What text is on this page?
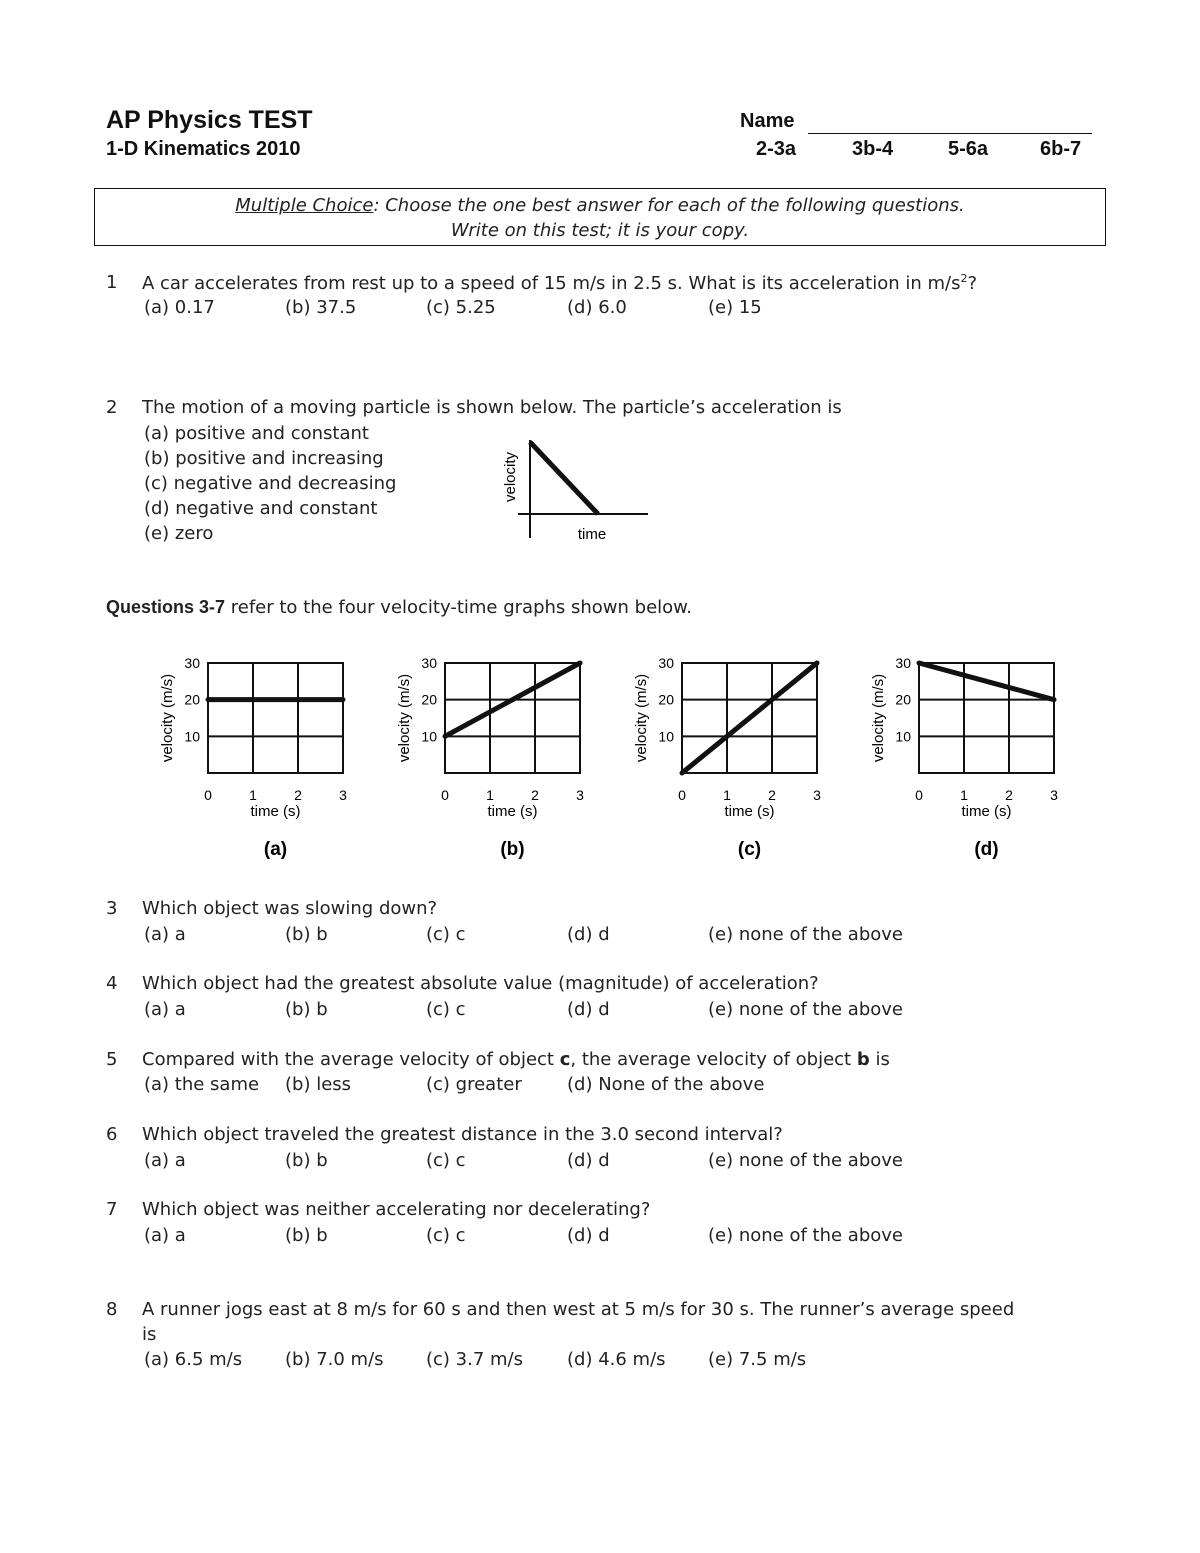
AP Physics TEST
1-D Kinematics 2010
Name
2-3a	3b-4	5-6a	6b-7
Multiple Choice: Choose the one best answer for each of the following questions.
Write on this test; it is your copy.
1 A car accelerates from rest up to a speed of 15 m/s in 2.5 s. What is its acceleration in $m/s^2$?
(a) 0.17	(b) 37.5	(c) 5.25	(d) 6.0	(e) 15
2 The motion of a moving particle is shown below. The particle’s acceleration is
(a) positive and constant
(b) positive and increasing
(c) negative and decreasing
(d) negative and constant
(e) zero
velocity
time
Questions 3-7 refer to the four velocity-time graphs shown below.
10
20
30
0	1	2	3
time (s)
velocity (m/s)
(a)
10
20
30
0	1	2	3
time (s)
velocity (m/s)
(b)
10
20
30
0	1	2	3
time (s)
velocity (m/s)
(c)
10
20
30
0	1	2	3
time (s)
velocity (m/s)
(d)
3 Which object was slowing down?
(a) a	(b) b	(c) c	(d) d	(e) none of the above
4 Which object had the greatest absolute value (magnitude) of acceleration?
(a) a	(b) b	(c) c	(d) d	(e) none of the above
5 Compared with the average velocity of object c, the average velocity of object b is
(a) the same (b) less	(c) greater	(d) None of the above
6 Which object traveled the greatest distance in the 3.0 second interval?
(a) a	(b) b	(c) c	(d) d	(e) none of the above
7 Which object was neither accelerating nor decelerating?
(a) a	(b) b	(c) c	(d) d	(e) none of the above
8 A runner jogs east at 8 m/s for 60 s and then west at 5 m/s for 30 s. The runner’s average speed
is
(a) 6.5 m/s (b) 7.0 m/s (c) 3.7 m/s (d) 4.6 m/s (e) 7.5 m/s
